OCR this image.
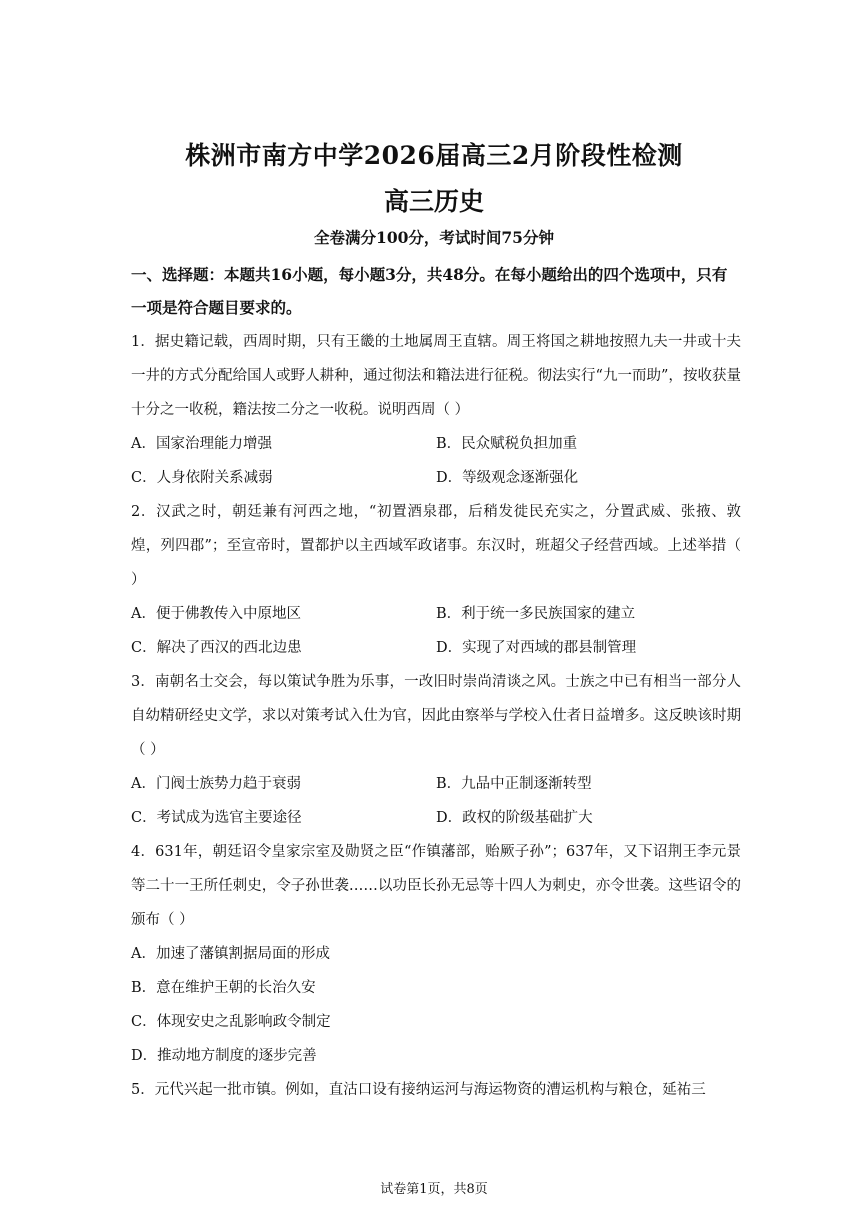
株洲市南方中学2026届高三2月阶段性检测
高三历史
全卷满分100分，考试时间75分钟
一、选择题：本题共16小题，每小题3分，共48分。在每小题给出的四个选项中，只有一项是符合题目要求的。
1．据史籍记载，西周时期，只有王畿的土地属周王直辖。周王将国之耕地按照九夫一井或十夫一井的方式分配给国人或野人耕种，通过彻法和籍法进行征税。彻法实行“九一而助”，按收获量十分之一收税，籍法按二分之一收税。说明西周（ ）
A．国家治理能力增强	B．民众赋税负担加重
C．人身依附关系减弱	D．等级观念逐渐强化
2．汉武之时，朝廷兼有河西之地，“初置酒泉郡，后稍发徙民充实之，分置武威、张掖、敦煌，列四郡”；至宣帝时，置都护以主西域军政诸事。东汉时，班超父子经营西域。上述举措（ ）
A．便于佛教传入中原地区	B．利于统一多民族国家的建立
C．解决了西汉的西北边患	D．实现了对西域的郡县制管理
3．南朝名士交会，每以策试争胜为乐事，一改旧时崇尚清谈之风。士族之中已有相当一部分人自幼精研经史文学，求以对策考试入仕为官，因此由察举与学校入仕者日益增多。这反映该时期（ ）
A．门阀士族势力趋于衰弱	B．九品中正制逐渐转型
C．考试成为选官主要途径	D．政权的阶级基础扩大
4．631年，朝廷诏令皇家宗室及勋贤之臣“作镇藩部，贻厥子孙”；637年，又下诏荆王李元景等二十一王所任刺史，令子孙世袭……以功臣长孙无忌等十四人为刺史，亦令世袭。这些诏令的颁布（ ）
A．加速了藩镇割据局面的形成
B．意在维护王朝的长治久安
C．体现安史之乱影响政令制定
D．推动地方制度的逐步完善
5．元代兴起一批市镇。例如，直沽口设有接纳运河与海运物资的漕运机构与粮仓，延祐三
试卷第1页，共8页
